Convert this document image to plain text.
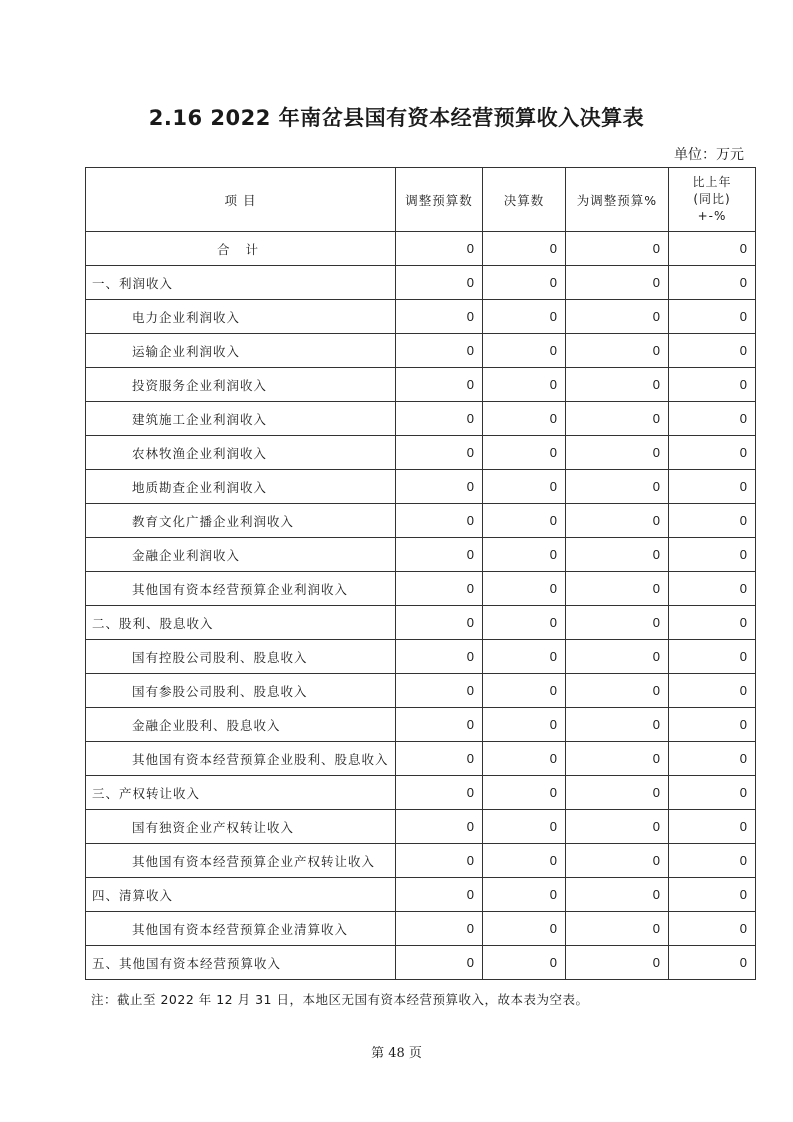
2.16 2022 年南岔县国有资本经营预算收入决算表
单位：万元
项 目	调整预算数	决算数	为调整预算%	比上年
(同比)
+-%

合 计	0	0	0	0
一、利润收入	0	0	0	0
电力企业利润收入	0	0	0	0
运输企业利润收入	0	0	0	0
投资服务企业利润收入	0	0	0	0
建筑施工企业利润收入	0	0	0	0
农林牧渔企业利润收入	0	0	0	0
地质勘查企业利润收入	0	0	0	0
教育文化广播企业利润收入	0	0	0	0
金融企业利润收入	0	0	0	0
其他国有资本经营预算企业利润收入	0	0	0	0
二、股利、股息收入	0	0	0	0
国有控股公司股利、股息收入	0	0	0	0
国有参股公司股利、股息收入	0	0	0	0
金融企业股利、股息收入	0	0	0	0
其他国有资本经营预算企业股利、股息收入	0	0	0	0
三、产权转让收入	0	0	0	0
国有独资企业产权转让收入	0	0	0	0
其他国有资本经营预算企业产权转让收入	0	0	0	0
四、清算收入	0	0	0	0
其他国有资本经营预算企业清算收入	0	0	0	0
五、其他国有资本经营预算收入	0	0	0	0
注：截止至 2022 年 12 月 31 日，本地区无国有资本经营预算收入，故本表为空表。
第 48 页
